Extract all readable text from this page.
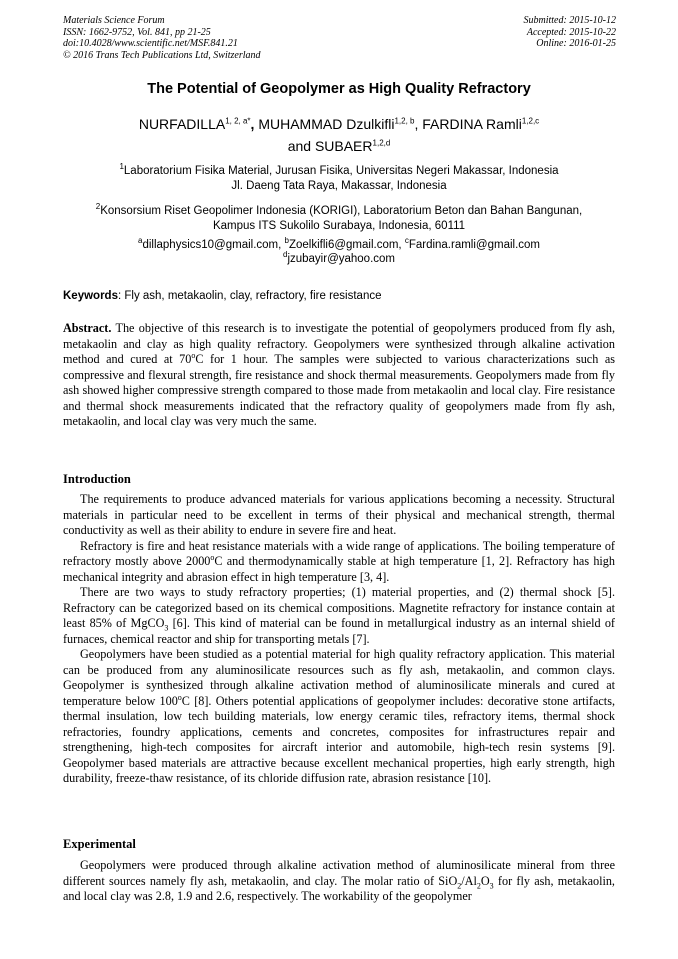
Materials Science Forum
ISSN: 1662-9752, Vol. 841, pp 21-25
doi:10.4028/www.scientific.net/MSF.841.21
© 2016 Trans Tech Publications Ltd, Switzerland
Submitted: 2015-10-12
Accepted: 2015-10-22
Online: 2016-01-25
The Potential of Geopolymer as High Quality Refractory
$NURFADILLA^{1, 2, a*}$, MUHAMMAD Dzulkifli$^{1,2, b}$, FARDINA Ramli$^{1,2,c}$
and SUBAER$^{1,2,d}$
$^1$Laboratorium Fisika Material, Jurusan Fisika, Universitas Negeri Makassar, Indonesia
Jl. Daeng Tata Raya, Makassar, Indonesia
$^2$Konsorsium Riset Geopolimer Indonesia (KORIGI), Laboratorium Beton dan Bahan Bangunan,
Kampus ITS Sukolilo Surabaya, Indonesia, 60111
$^a$dillaphysics10@gmail.com, $^b$Zoelkifli6@gmail.com, $^c$Fardina.ramli@gmail.com
$^d$jzubayir@yahoo.com
Keywords: Fly ash, metakaolin, clay, refractory, fire resistance

Abstract. The objective of this research is to investigate the potential of geopolymers produced from fly ash, metakaolin and clay as high quality refractory. Geopolymers were synthesized through alkaline activation method and cured at 70$^o$C for 1 hour. The samples were subjected to various characterizations such as compressive and flexural strength, fire resistance and shock thermal measurements. Geopolymers made from fly ash showed higher compressive strength compared to those made from metakaolin and local clay. Fire resistance and thermal shock measurements indicated that the refractory quality of geopolymers made from fly ash, metakaolin, and local clay was very much the same.

Introduction

The requirements to produce advanced materials for various applications becoming a necessity. Structural materials in particular need to be excellent in terms of their physical and mechanical strength, thermal conductivity as well as their ability to endure in severe fire and heat.

Refractory is fire and heat resistance materials with a wide range of applications. The boiling temperature of refractory mostly above 2000$^o$C and thermodynamically stable at high temperature [1, 2]. Refractory has high mechanical integrity and abrasion effect in high temperature [3, 4].

There are two ways to study refractory properties; (1) material properties, and (2) thermal shock [5]. Refractory can be categorized based on its chemical compositions. Magnetite refractory for instance contain at least 85% of MgCO$_3$ [6]. This kind of material can be found in metallurgical industry as an internal shield of furnaces, chemical reactor and ship for transporting metals [7].

Geopolymers have been studied as a potential material for high quality refractory application. This material can be produced from any aluminosilicate resources such as fly ash, metakaolin, and common clays. Geopolymer is synthesized through alkaline activation method of aluminosilicate minerals and cured at temperature below 100$^o$C [8]. Others potential applications of geopolymer includes: decorative stone artifacts, thermal insulation, low tech building materials, low energy ceramic tiles, refractory items, thermal shock refractories, foundry applications, cements and concretes, composites for infrastructures repair and strengthening, high-tech composites for aircraft interior and automobile, high-tech resin systems [9]. Geopolymer based materials are attractive because excellent mechanical properties, high early strength, high durability, freeze-thaw resistance, of its chloride diffusion rate, abrasion resistance [10].

Experimental

Geopolymers were produced through alkaline activation method of aluminosilicate mineral from three different sources namely fly ash, metakaolin, and clay. The molar ratio of $SiO_2/Al_2O_3$ for fly ash, metakaolin, and local clay was 2.8, 1.9 and 2.6, respectively. The workability of the geopolymer
